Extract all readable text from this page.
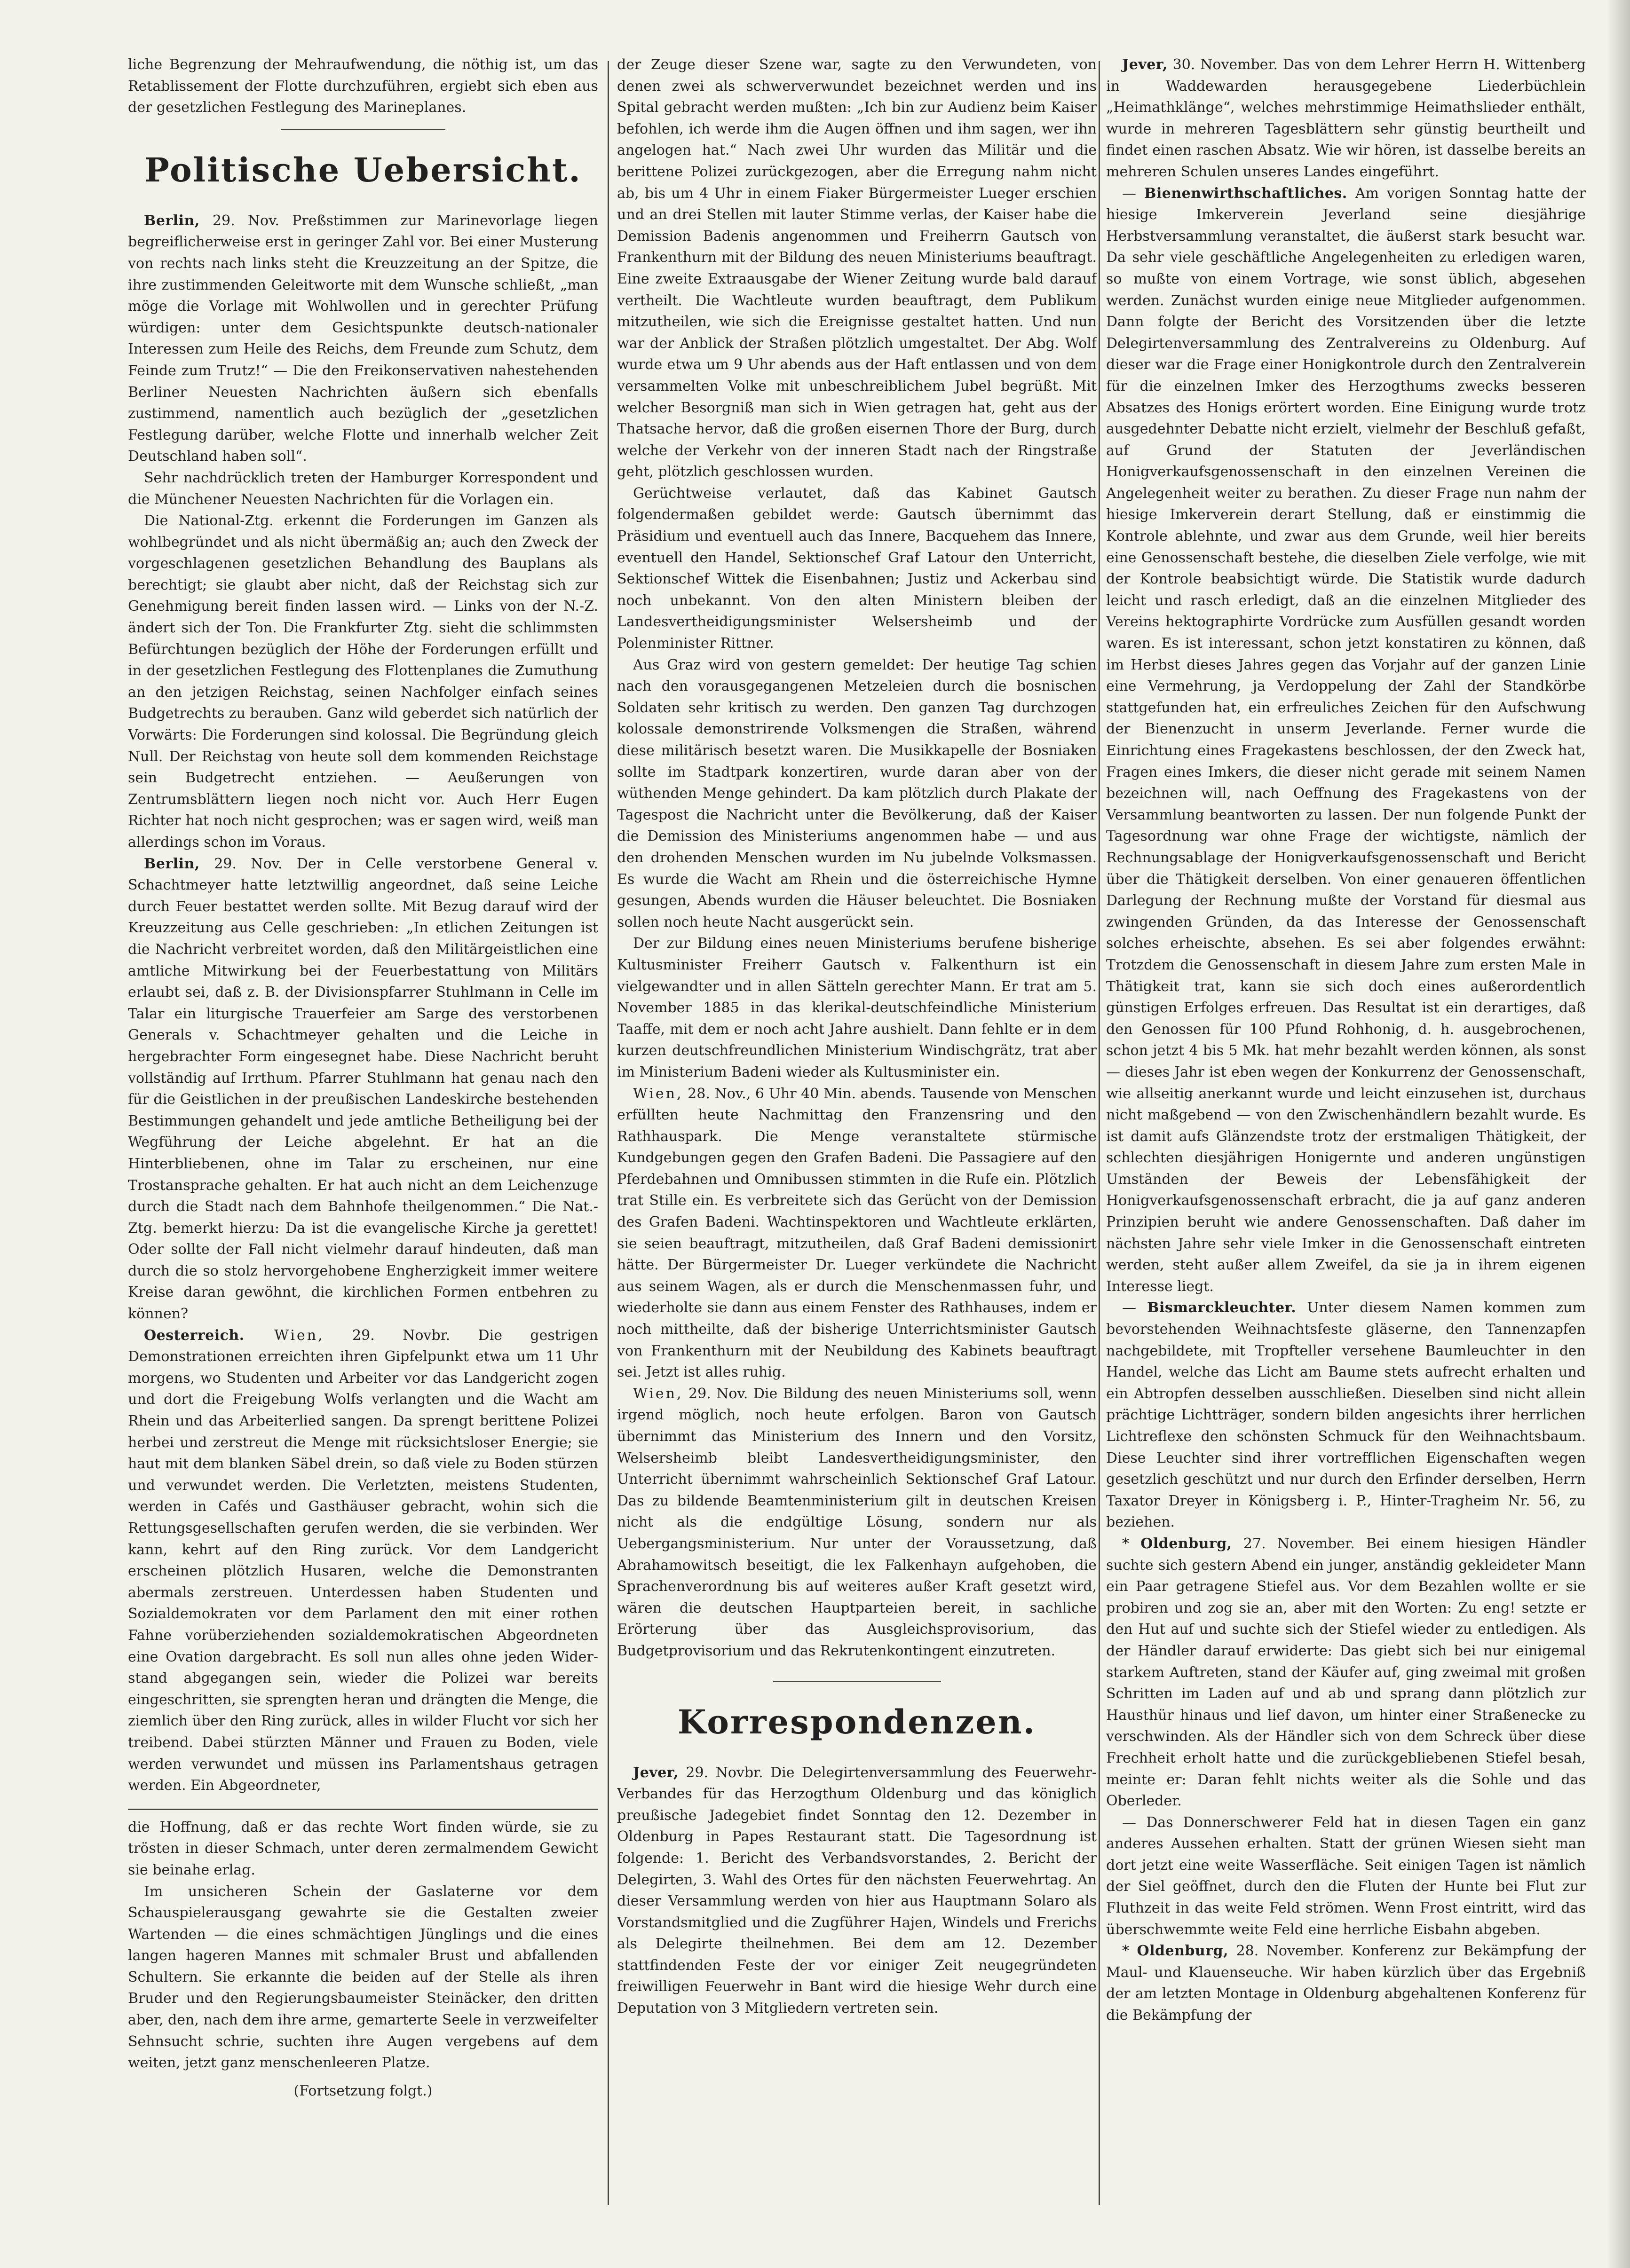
liche Begrenzung der Mehraufwendung, die nöthig ist, um das Retablissement der Flotte durchzuführen, ergiebt sich eben aus der gesetzlichen Festlegung des Marineplanes.

Politische Uebersicht.

Berlin, 29. Nov. Preßstimmen zur Marinevorlage liegen begreiflicherweise erst in geringer Zahl vor. Bei einer Musterung von rechts nach links steht die Kreuzzeitung an der Spitze, die ihre zustimmenden Geleitworte mit dem Wunsche schließt, „man möge die Vorlage mit Wohlwollen und in gerechter Prüfung würdigen: unter dem Gesichtspunkte deutsch-nationaler Interessen zum Heile des Reichs, dem Freunde zum Schutz, dem Feinde zum Trutz!“ — Die den Freikonservativen nahestehenden Berliner Neuesten Nachrichten äußern sich ebenfalls zustimmend, namentlich auch bezüglich der „gesetzlichen Festlegung darüber, welche Flotte und innerhalb welcher Zeit Deutschland haben soll“.

Sehr nachdrücklich treten der Hamburger Korrespondent und die Münchener Neuesten Nachrichten für die Vorlagen ein.

Die National-Ztg. erkennt die Forderungen im Ganzen als wohlbegründet und als nicht übermäßig an; auch den Zweck der vorgeschlagenen gesetzlichen Behandlung des Bauplans als berechtigt; sie glaubt aber nicht, daß der Reichstag sich zur Genehmigung bereit finden lassen wird. — Links von der N.-Z. ändert sich der Ton. Die Frankfurter Ztg. sieht die schlimmsten Befürchtungen bezüglich der Höhe der Forderungen erfüllt und in der gesetzlichen Festlegung des Flottenplanes die Zumuthung an den jetzigen Reichstag, seinen Nachfolger einfach seines Budgetrechts zu berauben. Ganz wild geberdet sich natürlich der Vorwärts: Die Forderungen sind kolossal. Die Begründung gleich Null. Der Reichstag von heute soll dem kommenden Reichstage sein Budgetrecht entziehen. — Aeußerungen von Zentrumsblättern liegen noch nicht vor. Auch Herr Eugen Richter hat noch nicht gesprochen; was er sagen wird, weiß man allerdings schon im Voraus.

Berlin, 29. Nov. Der in Celle verstorbene General v. Schachtmeyer hatte letztwillig angeordnet, daß seine Leiche durch Feuer bestattet werden sollte. Mit Bezug darauf wird der Kreuzzeitung aus Celle geschrieben: „In etlichen Zeitungen ist die Nachricht verbreitet worden, daß den Militärgeistlichen eine amtliche Mitwirkung bei der Feuerbestattung von Militärs erlaubt sei, daß z. B. der Divisionspfarrer Stuhlmann in Celle im Talar ein liturgische Trauerfeier am Sarge des verstorbenen Generals v. Schachtmeyer gehalten und die Leiche in hergebrachter Form eingesegnet habe. Diese Nachricht beruht vollständig auf Irrthum. Pfarrer Stuhlmann hat genau nach den für die Geistlichen in der preußischen Landeskirche bestehenden Bestimmungen gehandelt und jede amtliche Betheiligung bei der Wegführung der Leiche abgelehnt. Er hat an die Hinterbliebenen, ohne im Talar zu erscheinen, nur eine Trostansprache gehalten. Er hat auch nicht an dem Leichenzuge durch die Stadt nach dem Bahnhofe theilgenommen.“ Die Nat.-Ztg. bemerkt hierzu: Da ist die evangelische Kirche ja gerettet! Oder sollte der Fall nicht vielmehr darauf hindeuten, daß man durch die so stolz hervorgehobene Engherzigkeit immer weitere Kreise daran gewöhnt, die kirchlichen Formen entbehren zu können?

Oesterreich. Wien, 29. Novbr. Die gestrigen Demonstrationen erreichten ihren Gipfelpunkt etwa um 11 Uhr morgens, wo Studenten und Arbeiter vor das Landgericht zogen und dort die Freigebung Wolfs verlangten und die Wacht am Rhein und das Arbeiterlied sangen. Da sprengt berittene Polizei herbei und zerstreut die Menge mit rücksichtsloser Energie; sie haut mit dem blanken Säbel drein, so daß viele zu Boden stürzen und verwundet werden. Die Verletzten, meistens Studenten, werden in Cafés und Gasthäuser gebracht, wohin sich die Rettungsgesellschaften gerufen werden, die sie verbinden. Wer kann, kehrt auf den Ring zurück. Vor dem Landgericht erscheinen plötzlich Husaren, welche die Demonstranten abermals zerstreuen. Unterdessen haben Studenten und Sozialdemokraten vor dem Parlament den mit einer rothen Fahne vorüberziehenden sozialdemokratischen Abgeordneten eine Ovation dargebracht. Es soll nun alles ohne jeden Widerstand abgegangen sein, wieder die Polizei war bereits eingeschritten, sie sprengten heran und drängten die Menge, die ziemlich über den Ring zurück, alles in wilder Flucht vor sich her treibend. Dabei stürzten Männer und Frauen zu Boden, viele werden verwundet und müssen ins Parlamentshaus getragen werden. Ein Abgeordneter,

die Hoffnung, daß er das rechte Wort finden würde, sie zu trösten in dieser Schmach, unter deren zermalmendem Gewicht sie beinahe erlag.

Im unsicheren Schein der Gaslaterne vor dem Schauspielerausgang gewahrte sie die Gestalten zweier Wartenden — die eines schmächtigen Jünglings und die eines langen hageren Mannes mit schmaler Brust und abfallenden Schultern. Sie erkannte die beiden auf der Stelle als ihren Bruder und den Regierungsbaumeister Steinäcker, den dritten aber, den, nach dem ihre arme, gemarterte Seele in verzweifelter Sehnsucht schrie, suchten ihre Augen vergebens auf dem weiten, jetzt ganz menschenleeren Platze.

(Fortsetzung folgt.)

der Zeuge dieser Szene war, sagte zu den Verwundeten, von denen zwei als schwerverwundet bezeichnet werden und ins Spital gebracht werden mußten: „Ich bin zur Audienz beim Kaiser befohlen, ich werde ihm die Augen öffnen und ihm sagen, wer ihn angelogen hat.“ Nach zwei Uhr wurden das Militär und die berittene Polizei zurückgezogen, aber die Erregung nahm nicht ab, bis um 4 Uhr in einem Fiaker Bürgermeister Lueger erschien und an drei Stellen mit lauter Stimme verlas, der Kaiser habe die Demission Badenis angenommen und Freiherrn Gautsch von Frankenthurn mit der Bildung des neuen Ministeriums beauftragt. Eine zweite Extraausgabe der Wiener Zeitung wurde bald darauf vertheilt. Die Wachtleute wurden beauftragt, dem Publikum mitzutheilen, wie sich die Ereignisse gestaltet hatten. Und nun war der Anblick der Straßen plötzlich umgestaltet. Der Abg. Wolf wurde etwa um 9 Uhr abends aus der Haft entlassen und von dem versammelten Volke mit unbeschreiblichem Jubel begrüßt. Mit welcher Besorgniß man sich in Wien getragen hat, geht aus der Thatsache hervor, daß die großen eisernen Thore der Burg, durch welche der Verkehr von der inneren Stadt nach der Ringstraße geht, plötzlich geschlossen wurden.

Gerüchtweise verlautet, daß das Kabinet Gautsch folgendermaßen gebildet werde: Gautsch übernimmt das Präsidium und eventuell auch das Innere, Bacquehem das Innere, eventuell den Handel, Sektionschef Graf Latour den Unterricht, Sektionschef Wittek die Eisenbahnen; Justiz und Ackerbau sind noch unbekannt. Von den alten Ministern bleiben der Landesvertheidigungsminister Welsersheimb und der Polenminister Rittner.

Aus Graz wird von gestern gemeldet: Der heutige Tag schien nach den vorausgegangenen Metzeleien durch die bosnischen Soldaten sehr kritisch zu werden. Den ganzen Tag durchzogen kolossale demonstrirende Volksmengen die Straßen, während diese militärisch besetzt waren. Die Musikkapelle der Bosniaken sollte im Stadtpark konzertiren, wurde daran aber von der wüthenden Menge gehindert. Da kam plötzlich durch Plakate der Tagespost die Nachricht unter die Bevölkerung, daß der Kaiser die Demission des Ministeriums angenommen habe — und aus den drohenden Menschen wurden im Nu jubelnde Volksmassen. Es wurde die Wacht am Rhein und die österreichische Hymne gesungen, Abends wurden die Häuser beleuchtet. Die Bosniaken sollen noch heute Nacht ausgerückt sein.

Der zur Bildung eines neuen Ministeriums berufene bisherige Kultusminister Freiherr Gautsch v. Falkenthurn ist ein vielgewandter und in allen Sätteln gerechter Mann. Er trat am 5. November 1885 in das klerikal-deutschfeindliche Ministerium Taaffe, mit dem er noch acht Jahre aushielt. Dann fehlte er in dem kurzen deutschfreundlichen Ministerium Windischgrätz, trat aber im Ministerium Badeni wieder als Kultusminister ein.

Wien, 28. Nov., 6 Uhr 40 Min. abends. Tausende von Menschen erfüllten heute Nachmittag den Franzensring und den Rathhauspark. Die Menge veranstaltete stürmische Kundgebungen gegen den Grafen Badeni. Die Passagiere auf den Pferdebahnen und Omnibussen stimmten in die Rufe ein. Plötzlich trat Stille ein. Es verbreitete sich das Gerücht von der Demission des Grafen Badeni. Wachtinspektoren und Wachtleute erklärten, sie seien beauftragt, mitzutheilen, daß Graf Badeni demissionirt hätte. Der Bürgermeister Dr. Lueger verkündete die Nachricht aus seinem Wagen, als er durch die Menschenmassen fuhr, und wiederholte sie dann aus einem Fenster des Rathhauses, indem er noch mittheilte, daß der bisherige Unterrichtsminister Gautsch von Frankenthurn mit der Neubildung des Kabinets beauftragt sei. Jetzt ist alles ruhig.

Wien, 29. Nov. Die Bildung des neuen Ministeriums soll, wenn irgend möglich, noch heute erfolgen. Baron von Gautsch übernimmt das Ministerium des Innern und den Vorsitz, Welsersheimb bleibt Landesvertheidigungsminister, den Unterricht übernimmt wahrscheinlich Sektionschef Graf Latour. Das zu bildende Beamtenministerium gilt in deutschen Kreisen nicht als die endgültige Lösung, sondern nur als Uebergangsministerium. Nur unter der Voraussetzung, daß Abrahamowitsch beseitigt, die lex Falkenhayn aufgehoben, die Sprachenverordnung bis auf weiteres außer Kraft gesetzt wird, wären die deutschen Hauptparteien bereit, in sachliche Erörterung über das Ausgleichsprovisorium, das Budgetprovisorium und das Rekrutenkontingent einzutreten.

Korrespondenzen.

Jever, 29. Novbr. Die Delegirtenversammlung des Feuerwehr-Verbandes für das Herzogthum Oldenburg und das königlich preußische Jadegebiet findet Sonntag den 12. Dezember in Oldenburg in Papes Restaurant statt. Die Tagesordnung ist folgende: 1. Bericht des Verbandsvorstandes, 2. Bericht der Delegirten, 3. Wahl des Ortes für den nächsten Feuerwehrtag. An dieser Versammlung werden von hier aus Hauptmann Solaro als Vorstandsmitglied und die Zugführer Hajen, Windels und Frerichs als Delegirte theilnehmen. Bei dem am 12. Dezember stattfindenden Feste der vor einiger Zeit neugegründeten freiwilligen Feuerwehr in Bant wird die hiesige Wehr durch eine Deputation von 3 Mitgliedern vertreten sein.

Jever, 30. November. Das von dem Lehrer Herrn H. Wittenberg in Waddewarden herausgegebene Liederbüchlein „Heimathklänge“, welches mehrstimmige Heimathslieder enthält, wurde in mehreren Tagesblättern sehr günstig beurtheilt und findet einen raschen Absatz. Wie wir hören, ist dasselbe bereits an mehreren Schulen unseres Landes eingeführt.

— Bienenwirthschaftliches. Am vorigen Sonntag hatte der hiesige Imkerverein Jeverland seine diesjährige Herbstversammlung veranstaltet, die äußerst stark besucht war. Da sehr viele geschäftliche Angelegenheiten zu erledigen waren, so mußte von einem Vortrage, wie sonst üblich, abgesehen werden. Zunächst wurden einige neue Mitglieder aufgenommen. Dann folgte der Bericht des Vorsitzenden über die letzte Delegirtenversammlung des Zentralvereins zu Oldenburg. Auf dieser war die Frage einer Honigkontrole durch den Zentralverein für die einzelnen Imker des Herzogthums zwecks besseren Absatzes des Honigs erörtert worden. Eine Einigung wurde trotz ausgedehnter Debatte nicht erzielt, vielmehr der Beschluß gefaßt, auf Grund der Statuten der Jeverländischen Honigverkaufsgenossenschaft in den einzelnen Vereinen die Angelegenheit weiter zu berathen. Zu dieser Frage nun nahm der hiesige Imkerverein derart Stellung, daß er einstimmig die Kontrole ablehnte, und zwar aus dem Grunde, weil hier bereits eine Genossenschaft bestehe, die dieselben Ziele verfolge, wie mit der Kontrole beabsichtigt würde. Die Statistik wurde dadurch leicht und rasch erledigt, daß an die einzelnen Mitglieder des Vereins hektographirte Vordrücke zum Ausfüllen gesandt worden waren. Es ist interessant, schon jetzt konstatiren zu können, daß im Herbst dieses Jahres gegen das Vorjahr auf der ganzen Linie eine Vermehrung, ja Verdoppelung der Zahl der Standkörbe stattgefunden hat, ein erfreuliches Zeichen für den Aufschwung der Bienenzucht in unserm Jeverlande. Ferner wurde die Einrichtung eines Fragekastens beschlossen, der den Zweck hat, Fragen eines Imkers, die dieser nicht gerade mit seinem Namen bezeichnen will, nach Oeffnung des Fragekastens von der Versammlung beantworten zu lassen. Der nun folgende Punkt der Tagesordnung war ohne Frage der wichtigste, nämlich der Rechnungsablage der Honigverkaufsgenossenschaft und Bericht über die Thätigkeit derselben. Von einer genaueren öffentlichen Darlegung der Rechnung mußte der Vorstand für diesmal aus zwingenden Gründen, da das Interesse der Genossenschaft solches erheischte, absehen. Es sei aber folgendes erwähnt: Trotzdem die Genossenschaft in diesem Jahre zum ersten Male in Thätigkeit trat, kann sie sich doch eines außerordentlich günstigen Erfolges erfreuen. Das Resultat ist ein derartiges, daß den Genossen für 100 Pfund Rohhonig, d. h. ausgebrochenen, schon jetzt 4 bis 5 Mk. hat mehr bezahlt werden können, als sonst — dieses Jahr ist eben wegen der Konkurrenz der Genossenschaft, wie allseitig anerkannt wurde und leicht einzusehen ist, durchaus nicht maßgebend — von den Zwischenhändlern bezahlt wurde. Es ist damit aufs Glänzendste trotz der erstmaligen Thätigkeit, der schlechten diesjährigen Honigernte und anderen ungünstigen Umständen der Beweis der Lebensfähigkeit der Honigverkaufsgenossenschaft erbracht, die ja auf ganz anderen Prinzipien beruht wie andere Genossenschaften. Daß daher im nächsten Jahre sehr viele Imker in die Genossenschaft eintreten werden, steht außer allem Zweifel, da sie ja in ihrem eigenen Interesse liegt.

— Bismarckleuchter. Unter diesem Namen kommen zum bevorstehenden Weihnachtsfeste gläserne, den Tannenzapfen nachgebildete, mit Tropfteller versehene Baumleuchter in den Handel, welche das Licht am Baume stets aufrecht erhalten und ein Abtropfen desselben ausschließen. Dieselben sind nicht allein prächtige Lichtträger, sondern bilden angesichts ihrer herrlichen Lichtreflexe den schönsten Schmuck für den Weihnachtsbaum. Diese Leuchter sind ihrer vortrefflichen Eigenschaften wegen gesetzlich geschützt und nur durch den Erfinder derselben, Herrn Taxator Dreyer in Königsberg i. P., Hinter-Tragheim Nr. 56, zu beziehen.

* Oldenburg, 27. November. Bei einem hiesigen Händler suchte sich gestern Abend ein junger, anständig gekleideter Mann ein Paar getragene Stiefel aus. Vor dem Bezahlen wollte er sie probiren und zog sie an, aber mit den Worten: Zu eng! setzte er den Hut auf und suchte sich der Stiefel wieder zu entledigen. Als der Händler darauf erwiderte: Das giebt sich bei nur einigemal starkem Auftreten, stand der Käufer auf, ging zweimal mit großen Schritten im Laden auf und ab und sprang dann plötzlich zur Hausthür hinaus und lief davon, um hinter einer Straßenecke zu verschwinden. Als der Händler sich von dem Schreck über diese Frechheit erholt hatte und die zurückgebliebenen Stiefel besah, meinte er: Daran fehlt nichts weiter als die Sohle und das Oberleder.

— Das Donnerschwerer Feld hat in diesen Tagen ein ganz anderes Aussehen erhalten. Statt der grünen Wiesen sieht man dort jetzt eine weite Wasserfläche. Seit einigen Tagen ist nämlich der Siel geöffnet, durch den die Fluten der Hunte bei Flut zur Fluthzeit in das weite Feld strömen. Wenn Frost eintritt, wird das überschwemmte weite Feld eine herrliche Eisbahn abgeben.

* Oldenburg, 28. November. Konferenz zur Bekämpfung der Maul- und Klauenseuche. Wir haben kürzlich über das Ergebniß der am letzten Montage in Oldenburg abgehaltenen Konferenz für die Bekämpfung der
